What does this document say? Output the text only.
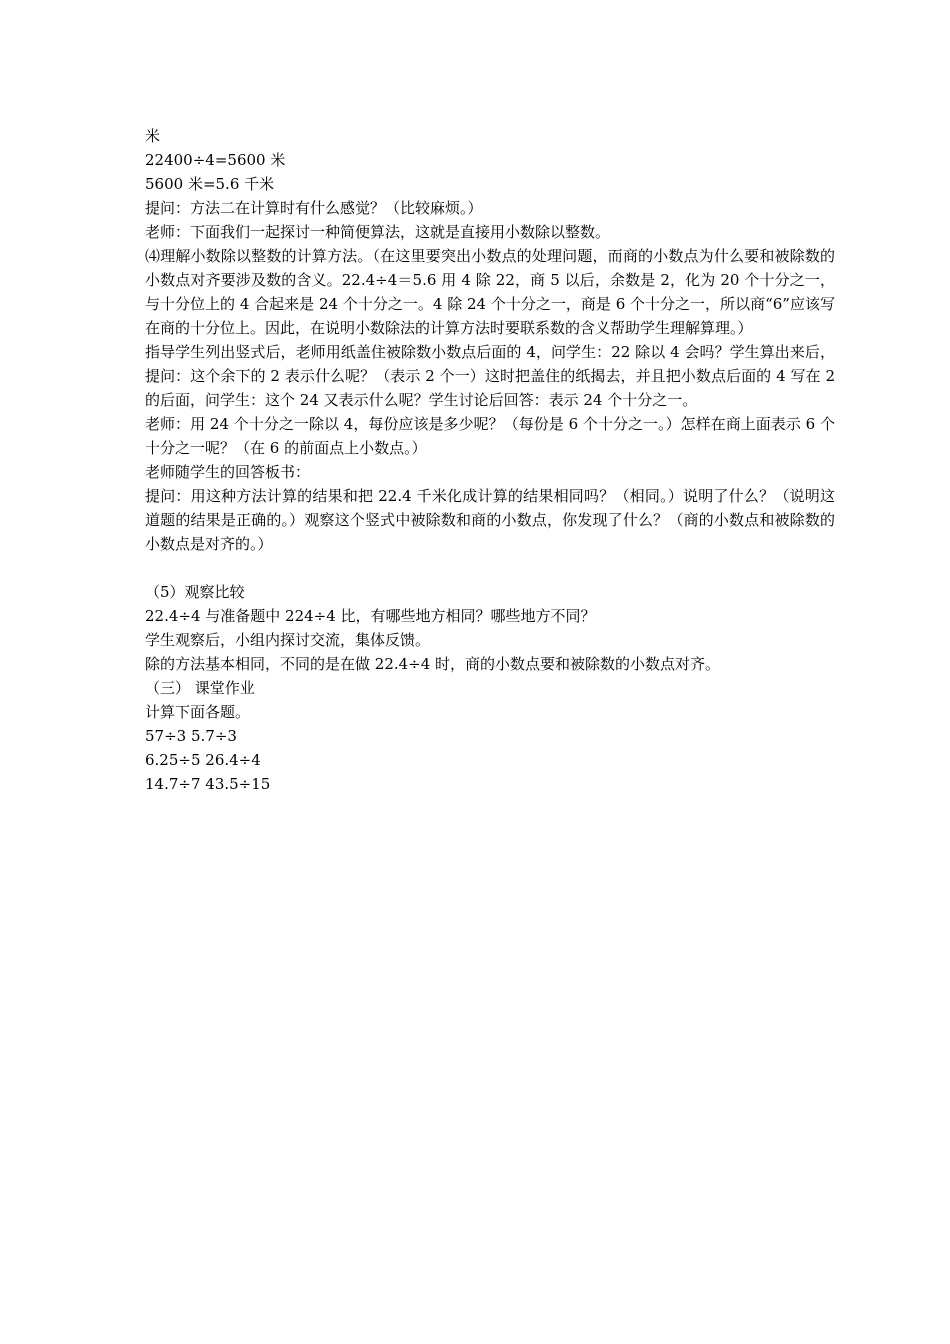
米
22400÷4=5600 米
5600 米=5.6 千米
提问：方法二在计算时有什么感觉？（比较麻烦。）
老师：下面我们一起探讨一种简便算法，这就是直接用小数除以整数。
⑷理解小数除以整数的计算方法。（在这里要突出小数点的处理问题，而商的小数点为什么要和被除数的小数点对齐要涉及数的含义。22.4÷4＝5.6 用 4 除 22，商 5 以后，余数是 2，化为 20 个十分之一，与十分位上的 4 合起来是 24 个十分之一。4 除 24 个十分之一，商是 6 个十分之一，所以商“6”应该写在商的十分位上。因此，在说明小数除法的计算方法时要联系数的含义帮助学生理解算理。）
指导学生列出竖式后，老师用纸盖住被除数小数点后面的 4，问学生：22 除以 4 会吗？学生算出来后，提问：这个余下的 2 表示什么呢？（表示 2 个一）这时把盖住的纸揭去，并且把小数点后面的 4 写在 2 的后面，问学生：这个 24 又表示什么呢？学生讨论后回答：表示 24 个十分之一。
老师：用 24 个十分之一除以 4，每份应该是多少呢？（每份是 6 个十分之一。）怎样在商上面表示 6 个十分之一呢？（在 6 的前面点上小数点。）
老师随学生的回答板书：
提问：用这种方法计算的结果和把 22.4 千米化成计算的结果相同吗？（相同。）说明了什么？（说明这道题的结果是正确的。）观察这个竖式中被除数和商的小数点，你发现了什么？（商的小数点和被除数的小数点是对齐的。）
（5）观察比较
22.4÷4 与准备题中 224÷4 比，有哪些地方相同？哪些地方不同？
学生观察后，小组内探讨交流，集体反馈。
除的方法基本相同，不同的是在做 22.4÷4 时，商的小数点要和被除数的小数点对齐。
（三） 课堂作业
计算下面各题。
57÷3 5.7÷3
6.25÷5 26.4÷4
14.7÷7 43.5÷15
